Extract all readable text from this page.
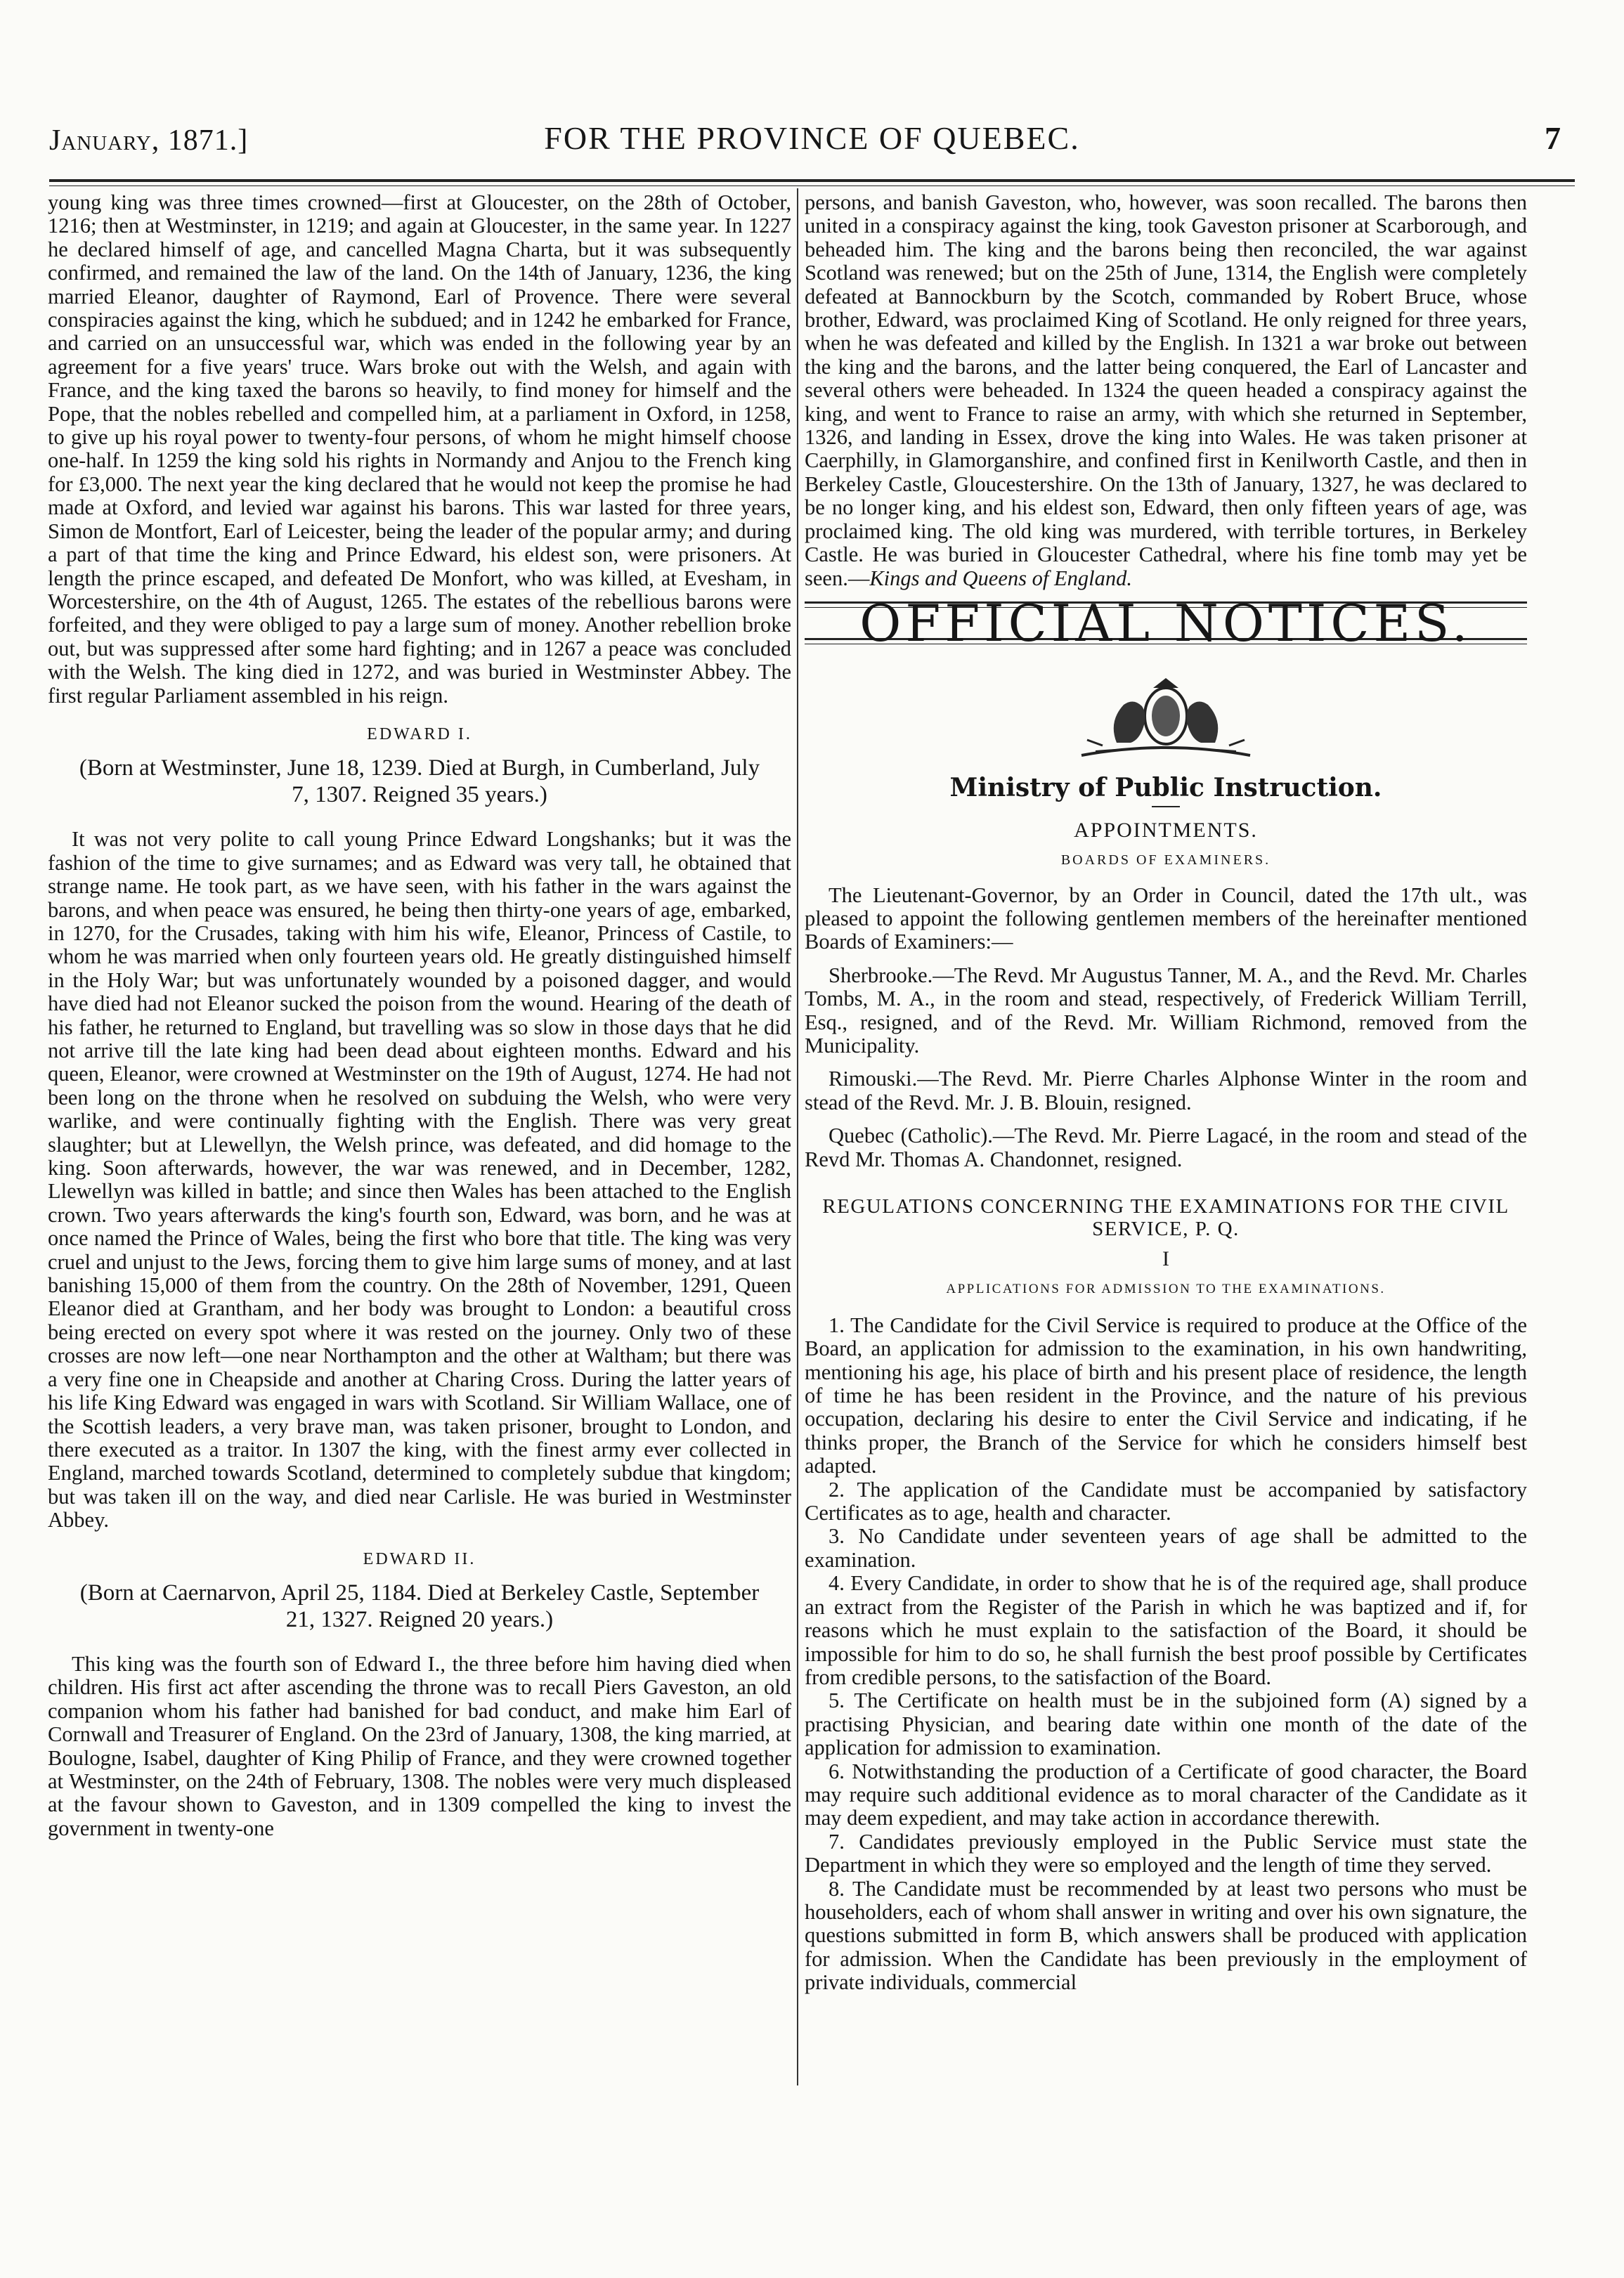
January, 1871.]	FOR THE PROVINCE OF QUEBEC.	7

young king was three times crowned—first at Gloucester, on the 28th of October, 1216; then at Westminster, in 1219; and again at Gloucester, in the same year. In 1227 he declared himself of age, and cancelled Magna Charta, but it was subsequently confirmed, and remained the law of the land. On the 14th of January, 1236, the king married Eleanor, daughter of Raymond, Earl of Provence. There were several conspiracies against the king, which he subdued; and in 1242 he embarked for France, and carried on an unsuccessful war, which was ended in the following year by an agreement for a five years' truce. Wars broke out with the Welsh, and again with France, and the king taxed the barons so heavily, to find money for himself and the Pope, that the nobles rebelled and compelled him, at a parliament in Oxford, in 1258, to give up his royal power to twenty-four persons, of whom he might himself choose one-half. In 1259 the king sold his rights in Normandy and Anjou to the French king for £3,000. The next year the king declared that he would not keep the promise he had made at Oxford, and levied war against his barons. This war lasted for three years, Simon de Montfort, Earl of Leicester, being the leader of the popular army; and during a part of that time the king and Prince Edward, his eldest son, were prisoners. At length the prince escaped, and defeated De Monfort, who was killed, at Evesham, in Worcestershire, on the 4th of August, 1265. The estates of the rebellious barons were forfeited, and they were obliged to pay a large sum of money. Another rebellion broke out, but was suppressed after some hard fighting; and in 1267 a peace was concluded with the Welsh. The king died in 1272, and was buried in Westminster Abbey. The first regular Parliament assembled in his reign.

EDWARD I.
(Born at Westminster, June 18, 1239. Died at Burgh, in Cumberland, July 7, 1307. Reigned 35 years.)

It was not very polite to call young Prince Edward Longshanks; but it was the fashion of the time to give surnames; and as Edward was very tall, he obtained that strange name. He took part, as we have seen, with his father in the wars against the barons, and when peace was ensured, he being then thirty-one years of age, embarked, in 1270, for the Crusades, taking with him his wife, Eleanor, Princess of Castile, to whom he was married when only fourteen years old. He greatly distinguished himself in the Holy War; but was unfortunately wounded by a poisoned dagger, and would have died had not Eleanor sucked the poison from the wound. Hearing of the death of his father, he returned to England, but travelling was so slow in those days that he did not arrive till the late king had been dead about eighteen months. Edward and his queen, Eleanor, were crowned at Westminster on the 19th of August, 1274. He had not been long on the throne when he resolved on subduing the Welsh, who were very warlike, and were continually fighting with the English. There was very great slaughter; but at Llewellyn, the Welsh prince, was defeated, and did homage to the king. Soon afterwards, however, the war was renewed, and in December, 1282, Llewellyn was killed in battle; and since then Wales has been attached to the English crown. Two years afterwards the king's fourth son, Edward, was born, and he was at once named the Prince of Wales, being the first who bore that title. The king was very cruel and unjust to the Jews, forcing them to give him large sums of money, and at last banishing 15,000 of them from the country. On the 28th of November, 1291, Queen Eleanor died at Grantham, and her body was brought to London: a beautiful cross being erected on every spot where it was rested on the journey. Only two of these crosses are now left—one near Northampton and the other at Waltham; but there was a very fine one in Cheapside and another at Charing Cross. During the latter years of his life King Edward was engaged in wars with Scotland. Sir William Wallace, one of the Scottish leaders, a very brave man, was taken prisoner, brought to London, and there executed as a traitor. In 1307 the king, with the finest army ever collected in England, marched towards Scotland, determined to completely subdue that kingdom; but was taken ill on the way, and died near Carlisle. He was buried in Westminster Abbey.

EDWARD II.
(Born at Caernarvon, April 25, 1184. Died at Berkeley Castle, September 21, 1327. Reigned 20 years.)

This king was the fourth son of Edward I., the three before him having died when children. His first act after ascending the throne was to recall Piers Gaveston, an old companion whom his father had banished for bad conduct, and make him Earl of Cornwall and Treasurer of England. On the 23rd of January, 1308, the king married, at Boulogne, Isabel, daughter of King Philip of France, and they were crowned together at Westminster, on the 24th of February, 1308. The nobles were very much displeased at the favour shown to Gaveston, and in 1309 compelled the king to invest the government in twenty-one

persons, and banish Gaveston, who, however, was soon recalled. The barons then united in a conspiracy against the king, took Gaveston prisoner at Scarborough, and beheaded him. The king and the barons being then reconciled, the war against Scotland was renewed; but on the 25th of June, 1314, the English were completely defeated at Bannockburn by the Scotch, commanded by Robert Bruce, whose brother, Edward, was proclaimed King of Scotland. He only reigned for three years, when he was defeated and killed by the English. In 1321 a war broke out between the king and the barons, and the latter being conquered, the Earl of Lancaster and several others were beheaded. In 1324 the queen headed a conspiracy against the king, and went to France to raise an army, with which she returned in September, 1326, and landing in Essex, drove the king into Wales. He was taken prisoner at Caerphilly, in Glamorganshire, and confined first in Kenilworth Castle, and then in Berkeley Castle, Gloucestershire. On the 13th of January, 1327, he was declared to be no longer king, and his eldest son, Edward, then only fifteen years of age, was proclaimed king. The old king was murdered, with terrible tortures, in Berkeley Castle. He was buried in Gloucester Cathedral, where his fine tomb may yet be seen.—Kings and Queens of England.

OFFICIAL NOTICES.
Ministry of Public Instruction.
APPOINTMENTS.
BOARDS OF EXAMINERS.

The Lieutenant-Governor, by an Order in Council, dated the 17th ult., was pleased to appoint the following gentlemen members of the hereinafter mentioned Boards of Examiners:—

Sherbrooke.—The Revd. Mr Augustus Tanner, M. A., and the Revd. Mr. Charles Tombs, M. A., in the room and stead, respectively, of Frederick William Terrill, Esq., resigned, and of the Revd. Mr. William Richmond, removed from the Municipality.

Rimouski.—The Revd. Mr. Pierre Charles Alphonse Winter in the room and stead of the Revd. Mr. J. B. Blouin, resigned.

Quebec (Catholic).—The Revd. Mr. Pierre Lagacé, in the room and stead of the Revd Mr. Thomas A. Chandonnet, resigned.

REGULATIONS CONCERNING THE EXAMINATIONS FOR THE CIVIL SERVICE, P. Q.
I
APPLICATIONS FOR ADMISSION TO THE EXAMINATIONS.

1. The Candidate for the Civil Service is required to produce at the Office of the Board, an application for admission to the examination, in his own handwriting, mentioning his age, his place of birth and his present place of residence, the length of time he has been resident in the Province, and the nature of his previous occupation, declaring his desire to enter the Civil Service and indicating, if he thinks proper, the Branch of the Service for which he considers himself best adapted.

2. The application of the Candidate must be accompanied by satisfactory Certificates as to age, health and character.

3. No Candidate under seventeen years of age shall be admitted to the examination.

4. Every Candidate, in order to show that he is of the required age, shall produce an extract from the Register of the Parish in which he was baptized and if, for reasons which he must explain to the satisfaction of the Board, it should be impossible for him to do so, he shall furnish the best proof possible by Certificates from credible persons, to the satisfaction of the Board.

5. The Certificate on health must be in the subjoined form (A) signed by a practising Physician, and bearing date within one month of the date of the application for admission to examination.

6. Notwithstanding the production of a Certificate of good character, the Board may require such additional evidence as to moral character of the Candidate as it may deem expedient, and may take action in accordance therewith.

7. Candidates previously employed in the Public Service must state the Department in which they were so employed and the length of time they served.

8. The Candidate must be recommended by at least two persons who must be householders, each of whom shall answer in writing and over his own signature, the questions submitted in form B, which answers shall be produced with application for admission. When the Candidate has been previously in the employment of private individuals, commercial
